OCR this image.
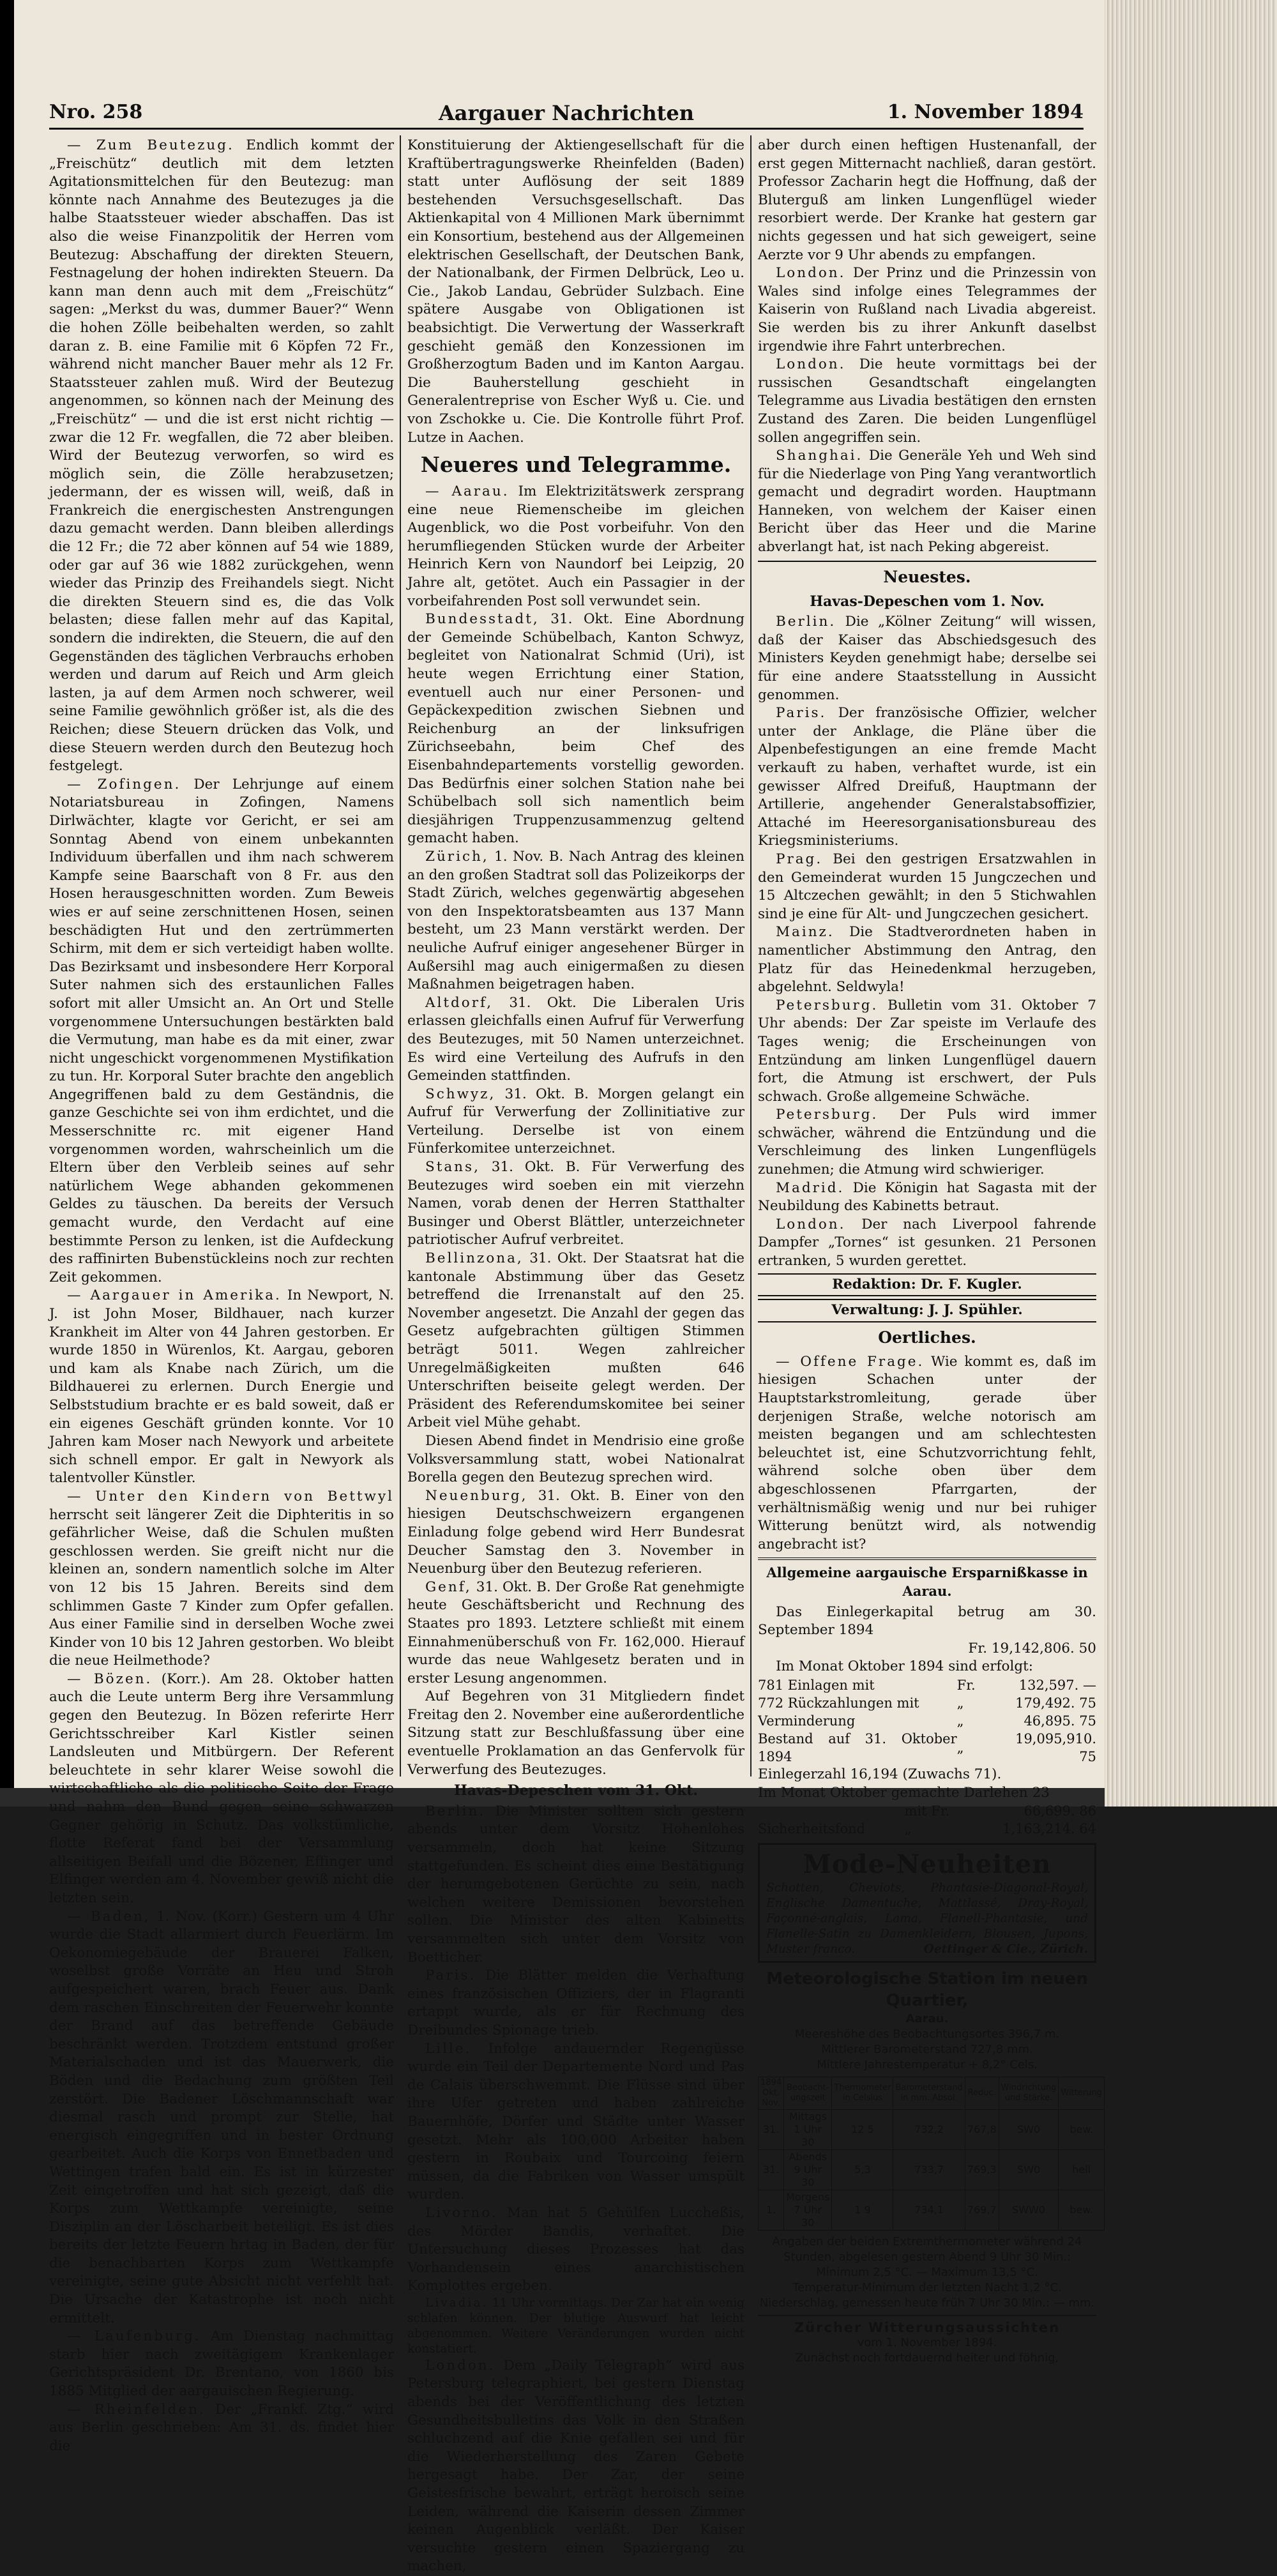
Nro. 258	Aargauer Nachrichten	1. November 1894

— Zum Beutezug. Endlich kommt der „Freischütz“ deutlich mit dem letzten Agitationsmittelchen für den Beutezug: man könnte nach Annahme des Beutezuges ja die halbe Staatssteuer wieder abschaffen. Das ist also die weise Finanzpolitik der Herren vom Beutezug: Abschaffung der direkten Steuern, Festnagelung der hohen indirekten Steuern. Da kann man denn auch mit dem „Freischütz“ sagen: „Merkst du was, dummer Bauer?“ Wenn die hohen Zölle beibehalten werden, so zahlt daran z. B. eine Familie mit 6 Köpfen 72 Fr., während nicht mancher Bauer mehr als 12 Fr. Staatssteuer zahlen muß. Wird der Beutezug angenommen, so können nach der Meinung des „Freischütz“ — und die ist erst nicht richtig — zwar die 12 Fr. wegfallen, die 72 aber bleiben. Wird der Beutezug verworfen, so wird es möglich sein, die Zölle herabzusetzen; jedermann, der es wissen will, weiß, daß in Frankreich die energischesten Anstrengungen dazu gemacht werden. Dann bleiben allerdings die 12 Fr.; die 72 aber können auf 54 wie 1889, oder gar auf 36 wie 1882 zurückgehen, wenn wieder das Prinzip des Freihandels siegt. Nicht die direkten Steuern sind es, die das Volk belasten; diese fallen mehr auf das Kapital, sondern die indirekten, die Steuern, die auf den Gegenständen des täglichen Verbrauchs erhoben werden und darum auf Reich und Arm gleich lasten, ja auf dem Armen noch schwerer, weil seine Familie gewöhnlich größer ist, als die des Reichen; diese Steuern drücken das Volk, und diese Steuern werden durch den Beutezug hoch festgelegt.

— Zofingen. Der Lehrjunge auf einem Notariatsbureau in Zofingen, Namens Dirlwächter, klagte vor Gericht, er sei am Sonntag Abend von einem unbekannten Individuum überfallen und ihm nach schwerem Kampfe seine Baarschaft von 8 Fr. aus den Hosen herausgeschnitten worden. Zum Beweis wies er auf seine zerschnittenen Hosen, seinen beschädigten Hut und den zertrümmerten Schirm, mit dem er sich verteidigt haben wollte. Das Bezirksamt und insbesondere Herr Korporal Suter nahmen sich des erstaunlichen Falles sofort mit aller Umsicht an. An Ort und Stelle vorgenommene Untersuchungen bestärkten bald die Vermutung, man habe es da mit einer, zwar nicht ungeschickt vorgenommenen Mystifikation zu tun. Hr. Korporal Suter brachte den angeblich Angegriffenen bald zu dem Geständnis, die ganze Geschichte sei von ihm erdichtet, und die Messerschnitte rc. mit eigener Hand vorgenommen worden, wahrscheinlich um die Eltern über den Verbleib seines auf sehr natürlichem Wege abhanden gekommenen Geldes zu täuschen. Da bereits der Versuch gemacht wurde, den Verdacht auf eine bestimmte Person zu lenken, ist die Aufdeckung des raffinirten Bubenstückleins noch zur rechten Zeit gekommen.

— Aargauer in Amerika. In Newport, N. J. ist John Moser, Bildhauer, nach kurzer Krankheit im Alter von 44 Jahren gestorben. Er wurde 1850 in Würenlos, Kt. Aargau, geboren und kam als Knabe nach Zürich, um die Bildhauerei zu erlernen. Durch Energie und Selbststudium brachte er es bald soweit, daß er ein eigenes Geschäft gründen konnte. Vor 10 Jahren kam Moser nach Newyork und arbeitete sich schnell empor. Er galt in Newyork als talentvoller Künstler.

— Unter den Kindern von Bettwyl herrscht seit längerer Zeit die Diphteritis in so gefährlicher Weise, daß die Schulen mußten geschlossen werden. Sie greift nicht nur die kleinen an, sondern namentlich solche im Alter von 12 bis 15 Jahren. Bereits sind dem schlimmen Gaste 7 Kinder zum Opfer gefallen. Aus einer Familie sind in derselben Woche zwei Kinder von 10 bis 12 Jahren gestorben. Wo bleibt die neue Heilmethode?

— Bözen. (Korr.). Am 28. Oktober hatten auch die Leute unterm Berg ihre Versammlung gegen den Beutezug. In Bözen referirte Herr Gerichtsschreiber Karl Kistler seinen Landsleuten und Mitbürgern. Der Referent beleuchtete in sehr klarer Weise sowohl die wirtschaftliche als die politische Seite der Frage und nahm den Bund gegen seine schwarzen Gegner gehörig in Schutz. Das volkstümliche, flotte Referat fand bei der Versammlung allseitigen Beifall und die Bözener, Effinger und Elfinger werden am 4. November gewiß nicht die letzten sein.

— Baden, 1. Nov. (Korr.) Gestern um 4 Uhr wurde die Stadt allarmiert durch Feuerlärm. Im Oekonomiegebäude der Brauerei Falken, woselbst große Vorräte an Heu und Stroh aufgespeichert waren, brach Feuer aus. Dank dem raschen Einschreiten der Feuerwehr konnte der Brand auf das betreffende Gebäude beschränkt werden. Trotzdem entstund großer Materialschaden und ist das Mauerwerk, die Böden und die Bedachung zum größten Teil zerstört. Die Badener Löschmannschaft war diesmal rasch und prompt zur Stelle, hat energisch eingegriffen und in bester Ordnung gearbeitet. Auch die Korps von Ennetbaden und Wettingen trafen bald ein. Es ist in kürzester Zeit eingetroffen und hat sich gezeigt, daß die Korps zum Wettkampfe vereinigte, seine Disziplin an der Löscharbeit beteiligt. Es ist dies bereits der letzte Feuern hrtag in Baden, der für die benachbarten Korps zum Wettkampfe vereinigte, seine gute Absicht nicht verfehlt hat. Die Ursache der Katastrophe ist noch nicht ermittelt.

— Laufenburg. Am Dienstag nachmittag starb hier nach zweitägigem Krankenlager Gerichtspräsident Dr. Brentano, von 1860 bis 1885 Mitglied der aargauischen Regierung.

— Rheinfelden. Der „Frankf. Ztg.“ wird aus Berlin geschrieben: Am 31. ds. findet hier die

Konstituierung der Aktiengesellschaft für die Kraftübertragungswerke Rheinfelden (Baden) statt unter Auflösung der seit 1889 bestehenden Versuchsgesellschaft. Das Aktienkapital von 4 Millionen Mark übernimmt ein Konsortium, bestehend aus der Allgemeinen elektrischen Gesellschaft, der Deutschen Bank, der Nationalbank, der Firmen Delbrück, Leo u. Cie., Jakob Landau, Gebrüder Sulzbach. Eine spätere Ausgabe von Obligationen ist beabsichtigt. Die Verwertung der Wasserkraft geschieht gemäß den Konzessionen im Großherzogtum Baden und im Kanton Aargau. Die Bauherstellung geschieht in Generalentreprise von Escher Wyß u. Cie. und von Zschokke u. Cie. Die Kontrolle führt Prof. Lutze in Aachen.

Neueres und Telegramme.

— Aarau. Im Elektrizitätswerk zersprang eine neue Riemenscheibe im gleichen Augenblick, wo die Post vorbeifuhr. Von den herumfliegenden Stücken wurde der Arbeiter Heinrich Kern von Naundorf bei Leipzig, 20 Jahre alt, getötet. Auch ein Passagier in der vorbeifahrenden Post soll verwundet sein.

Bundesstadt, 31. Okt. Eine Abordnung der Gemeinde Schübelbach, Kanton Schwyz, begleitet von Nationalrat Schmid (Uri), ist heute wegen Errichtung einer Station, eventuell auch nur einer Personen- und Gepäckexpedition zwischen Siebnen und Reichenburg an der linksufrigen Zürichseebahn, beim Chef des Eisenbahndepartements vorstellig geworden. Das Bedürfnis einer solchen Station nahe bei Schübelbach soll sich namentlich beim diesjährigen Truppenzusammenzug geltend gemacht haben.

Zürich, 1. Nov. B. Nach Antrag des kleinen an den großen Stadtrat soll das Polizeikorps der Stadt Zürich, welches gegenwärtig abgesehen von den Inspektoratsbeamten aus 137 Mann besteht, um 23 Mann verstärkt werden. Der neuliche Aufruf einiger angesehener Bürger in Außersihl mag auch einigermaßen zu diesen Maßnahmen beigetragen haben.

Altdorf, 31. Okt. Die Liberalen Uris erlassen gleichfalls einen Aufruf für Verwerfung des Beutezuges, mit 50 Namen unterzeichnet. Es wird eine Verteilung des Aufrufs in den Gemeinden stattfinden.

Schwyz, 31. Okt. B. Morgen gelangt ein Aufruf für Verwerfung der Zollinitiative zur Verteilung. Derselbe ist von einem Fünferkomitee unterzeichnet.

Stans, 31. Okt. B. Für Verwerfung des Beutezuges wird soeben ein mit vierzehn Namen, vorab denen der Herren Statthalter Businger und Oberst Blättler, unterzeichneter patriotischer Aufruf verbreitet.

Bellinzona, 31. Okt. Der Staatsrat hat die kantonale Abstimmung über das Gesetz betreffend die Irrenanstalt auf den 25. November angesetzt. Die Anzahl der gegen das Gesetz aufgebrachten gültigen Stimmen beträgt 5011. Wegen zahlreicher Unregelmäßigkeiten mußten 646 Unterschriften beiseite gelegt werden. Der Präsident des Referendumskomitee bei seiner Arbeit viel Mühe gehabt.

Diesen Abend findet in Mendrisio eine große Volksversammlung statt, wobei Nationalrat Borella gegen den Beutezug sprechen wird.

Neuenburg, 31. Okt. B. Einer von den hiesigen Deutschschweizern ergangenen Einladung folge gebend wird Herr Bundesrat Deucher Samstag den 3. November in Neuenburg über den Beutezug referieren.

Genf, 31. Okt. B. Der Große Rat genehmigte heute Geschäftsbericht und Rechnung des Staates pro 1893. Letztere schließt mit einem Einnahmenüberschuß von Fr. 162,000. Hierauf wurde das neue Wahlgesetz beraten und in erster Lesung angenommen.

Auf Begehren von 31 Mitgliedern findet Freitag den 2. November eine außerordentliche Sitzung statt zur Beschlußfassung über eine eventuelle Proklamation an das Genfervolk für Verwerfung des Beutezuges.

Havas-Depeschen vom 31. Okt.

Berlin. Die Minister sollten sich gestern abends unter dem Vorsitz Hohenlohes versammeln, doch hat keine Sitzung stattgefunden. Es scheint dies eine Bestätigung der herumgebotenen Gerüchte zu sein, nach welchen weitere Demissionen bevorstehen sollen. Die Minister des alten Kabinetts versammelten sich unter dem Vorsitz von Boetticher.

Paris. Die Blätter melden die Verhaftung eines französischen Offiziers, der in Flagranti ertappt wurde, als er für Rechnung des Dreibundes Spionage trieb.

Lille. Infolge andauernder Regengüsse wurde ein Teil der Departemente Nord und Pas de Calais überschwemmt. Die Flüsse sind über ihre Ufer getreten und haben zahlreiche Bauernhöfe, Dörfer und Städte unter Wasser gesetzt. Mehr als 100,000 Arbeiter haben gestern in Roubaix und Tourcoing feiern müssen, da die Fabriken von Wasser umspült wurden.

Livorno. Man hat 5 Gehülfen Luccheßis, des Mörder Bandis, verhaftet. Die Untersuchung dieses Prozesses hat das Vorhandensein eines anarchistischen Komplottes ergeben.

Livadia. 11 Uhr vormittags. Der Zar hat ein wenig schlafen können. Der blutige Auswurf hat leicht abgenommen. Weitere Veränderungen wurden nicht konstatiert.

London. Dem „Daily Telegraph“ wird aus Petersburg telegraphiert, bei gestern Dienstag abends bei der Veröffentlichung des letzten Gesundheitsbulletins das Volk in den Straßen schluchzend auf die Knie gefallen sei und für die Wiederherstellung des Zaren Gebete hergesagt habe. Der Zar, der seine Geistesfrische bewahrt, erträgt heroisch seine Leiden, während die Kaiserin dessen Zimmer keinen Augenblick verläßt. Der Kaiser versuchte gestern einen Spaziergang zu machen,

aber durch einen heftigen Hustenanfall, der erst gegen Mitternacht nachließ, daran gestört. Professor Zacharin hegt die Hoffnung, daß der Bluterguß am linken Lungenflügel wieder resorbiert werde. Der Kranke hat gestern gar nichts gegessen und hat sich geweigert, seine Aerzte vor 9 Uhr abends zu empfangen.

London. Der Prinz und die Prinzessin von Wales sind infolge eines Telegrammes der Kaiserin von Rußland nach Livadia abgereist. Sie werden bis zu ihrer Ankunft daselbst irgendwie ihre Fahrt unterbrechen.

London. Die heute vormittags bei der russischen Gesandtschaft eingelangten Telegramme aus Livadia bestätigen den ernsten Zustand des Zaren. Die beiden Lungenflügel sollen angegriffen sein.

Shanghai. Die Generäle Yeh und Weh sind für die Niederlage von Ping Yang verantwortlich gemacht und degradirt worden. Hauptmann Hanneken, von welchem der Kaiser einen Bericht über das Heer und die Marine abverlangt hat, ist nach Peking abgereist.

Neuestes.
Havas-Depeschen vom 1. Nov.

Berlin. Die „Kölner Zeitung“ will wissen, daß der Kaiser das Abschiedsgesuch des Ministers Keyden genehmigt habe; derselbe sei für eine andere Staatsstellung in Aussicht genommen.

Paris. Der französische Offizier, welcher unter der Anklage, die Pläne über die Alpenbefestigungen an eine fremde Macht verkauft zu haben, verhaftet wurde, ist ein gewisser Alfred Dreifuß, Hauptmann der Artillerie, angehender Generalstabsoffizier, Attaché im Heeresorganisationsbureau des Kriegsministeriums.

Prag. Bei den gestrigen Ersatzwahlen in den Gemeinderat wurden 15 Jungczechen und 15 Altczechen gewählt; in den 5 Stichwahlen sind je eine für Alt- und Jungczechen gesichert.

Mainz. Die Stadtverordneten haben in namentlicher Abstimmung den Antrag, den Platz für das Heinedenkmal herzugeben, abgelehnt. Seldwyla!

Petersburg. Bulletin vom 31. Oktober 7 Uhr abends: Der Zar speiste im Verlaufe des Tages wenig; die Erscheinungen von Entzündung am linken Lungenflügel dauern fort, die Atmung ist erschwert, der Puls schwach. Große allgemeine Schwäche.

Petersburg. Der Puls wird immer schwächer, während die Entzündung und die Verschleimung des linken Lungenflügels zunehmen; die Atmung wird schwieriger.

Madrid. Die Königin hat Sagasta mit der Neubildung des Kabinetts betraut.

London. Der nach Liverpool fahrende Dampfer „Tornes“ ist gesunken. 21 Personen ertranken, 5 wurden gerettet.

Redaktion: Dr. F. Kugler.
Verwaltung: J. J. Spühler.
Oertliches.

— Offene Frage. Wie kommt es, daß im hiesigen Schachen unter der Hauptstarkstromleitung, gerade über derjenigen Straße, welche notorisch am meisten begangen und am schlechtesten beleuchtet ist, eine Schutzvorrichtung fehlt, während solche oben über dem abgeschlossenen Pfarrgarten, der verhältnismäßig wenig und nur bei ruhiger Witterung benützt wird, als notwendig angebracht ist?

Allgemeine aargauische Ersparnißkasse in Aarau.
Das Einlegerkapital betrug am 30. September 1894
Fr. 19,142,806. 50
Im Monat Oktober 1894 sind erfolgt:
781 Einlagen mit	Fr.	132,597. —
772 Rückzahlungen mit	„	179,492. 75
Verminderung	„	46,895. 75
Bestand auf 31. Oktober 1894	„	19,095,910. 75
Einlegerzahl 16,194 (Zuwachs 71).
Im Monat Oktober gemachte Darlehen 23
	mit Fr.	66,699. 86
Sicherheitsfond	„	1,163,214. 64
Mode-Neuheiten
Schotten, Cheviots, Phantasie-Diagonal-Royal, Englische Damentuche, Mattlassé, Dray-Royal, Façonné-anglais, Lama, Flanell-Phantasie, und Flanelle-Satin zu Damenkleidern, Blousen, Jupons, Muster franco.	Oettinger & Cie., Zürich.
Meteorologische Station im neuen Quartier,
Aarau.
Meereshöhe des Beobachtungsortes 396,7 m.
Mittlerer Barometerstand 727,8 mm.
Mittlere Jahrestemperatur + 8,2° Cels.
1894 Okt. Nov.	Beobacht-ungszeit	Thermometer in Celsius	Barometerstand in mm. Absol.	Reduc.	Windrichtung und Stärke.	Witterung
31.	Mittags 1 Uhr 30	12 5	732,2	767,8	SW0	bew.
31.	Abends 9 Uhr 30	5,3	733,7	769,3	SW0	hell
1.	Morgens 7 Uhr 30	1 9	734,1	769,7	SWW0	bew.
Angaben der beiden Extremthermometer während 24 Stunden, abgelesen gestern Abend 9 Uhr 30 Min.:
Minimum 2,5 °C. — Maximum 13,5 °C.
Temperatur-Minimum der letzten Nacht 1,2 °C.
Niederschlag, gemessen heute früh 7 Uhr 30 Min.: — mm.
Zürcher Witterungsaussichten
vom 1. November 1894.
Zunächst noch fortdauernd heiter und föhnig,
